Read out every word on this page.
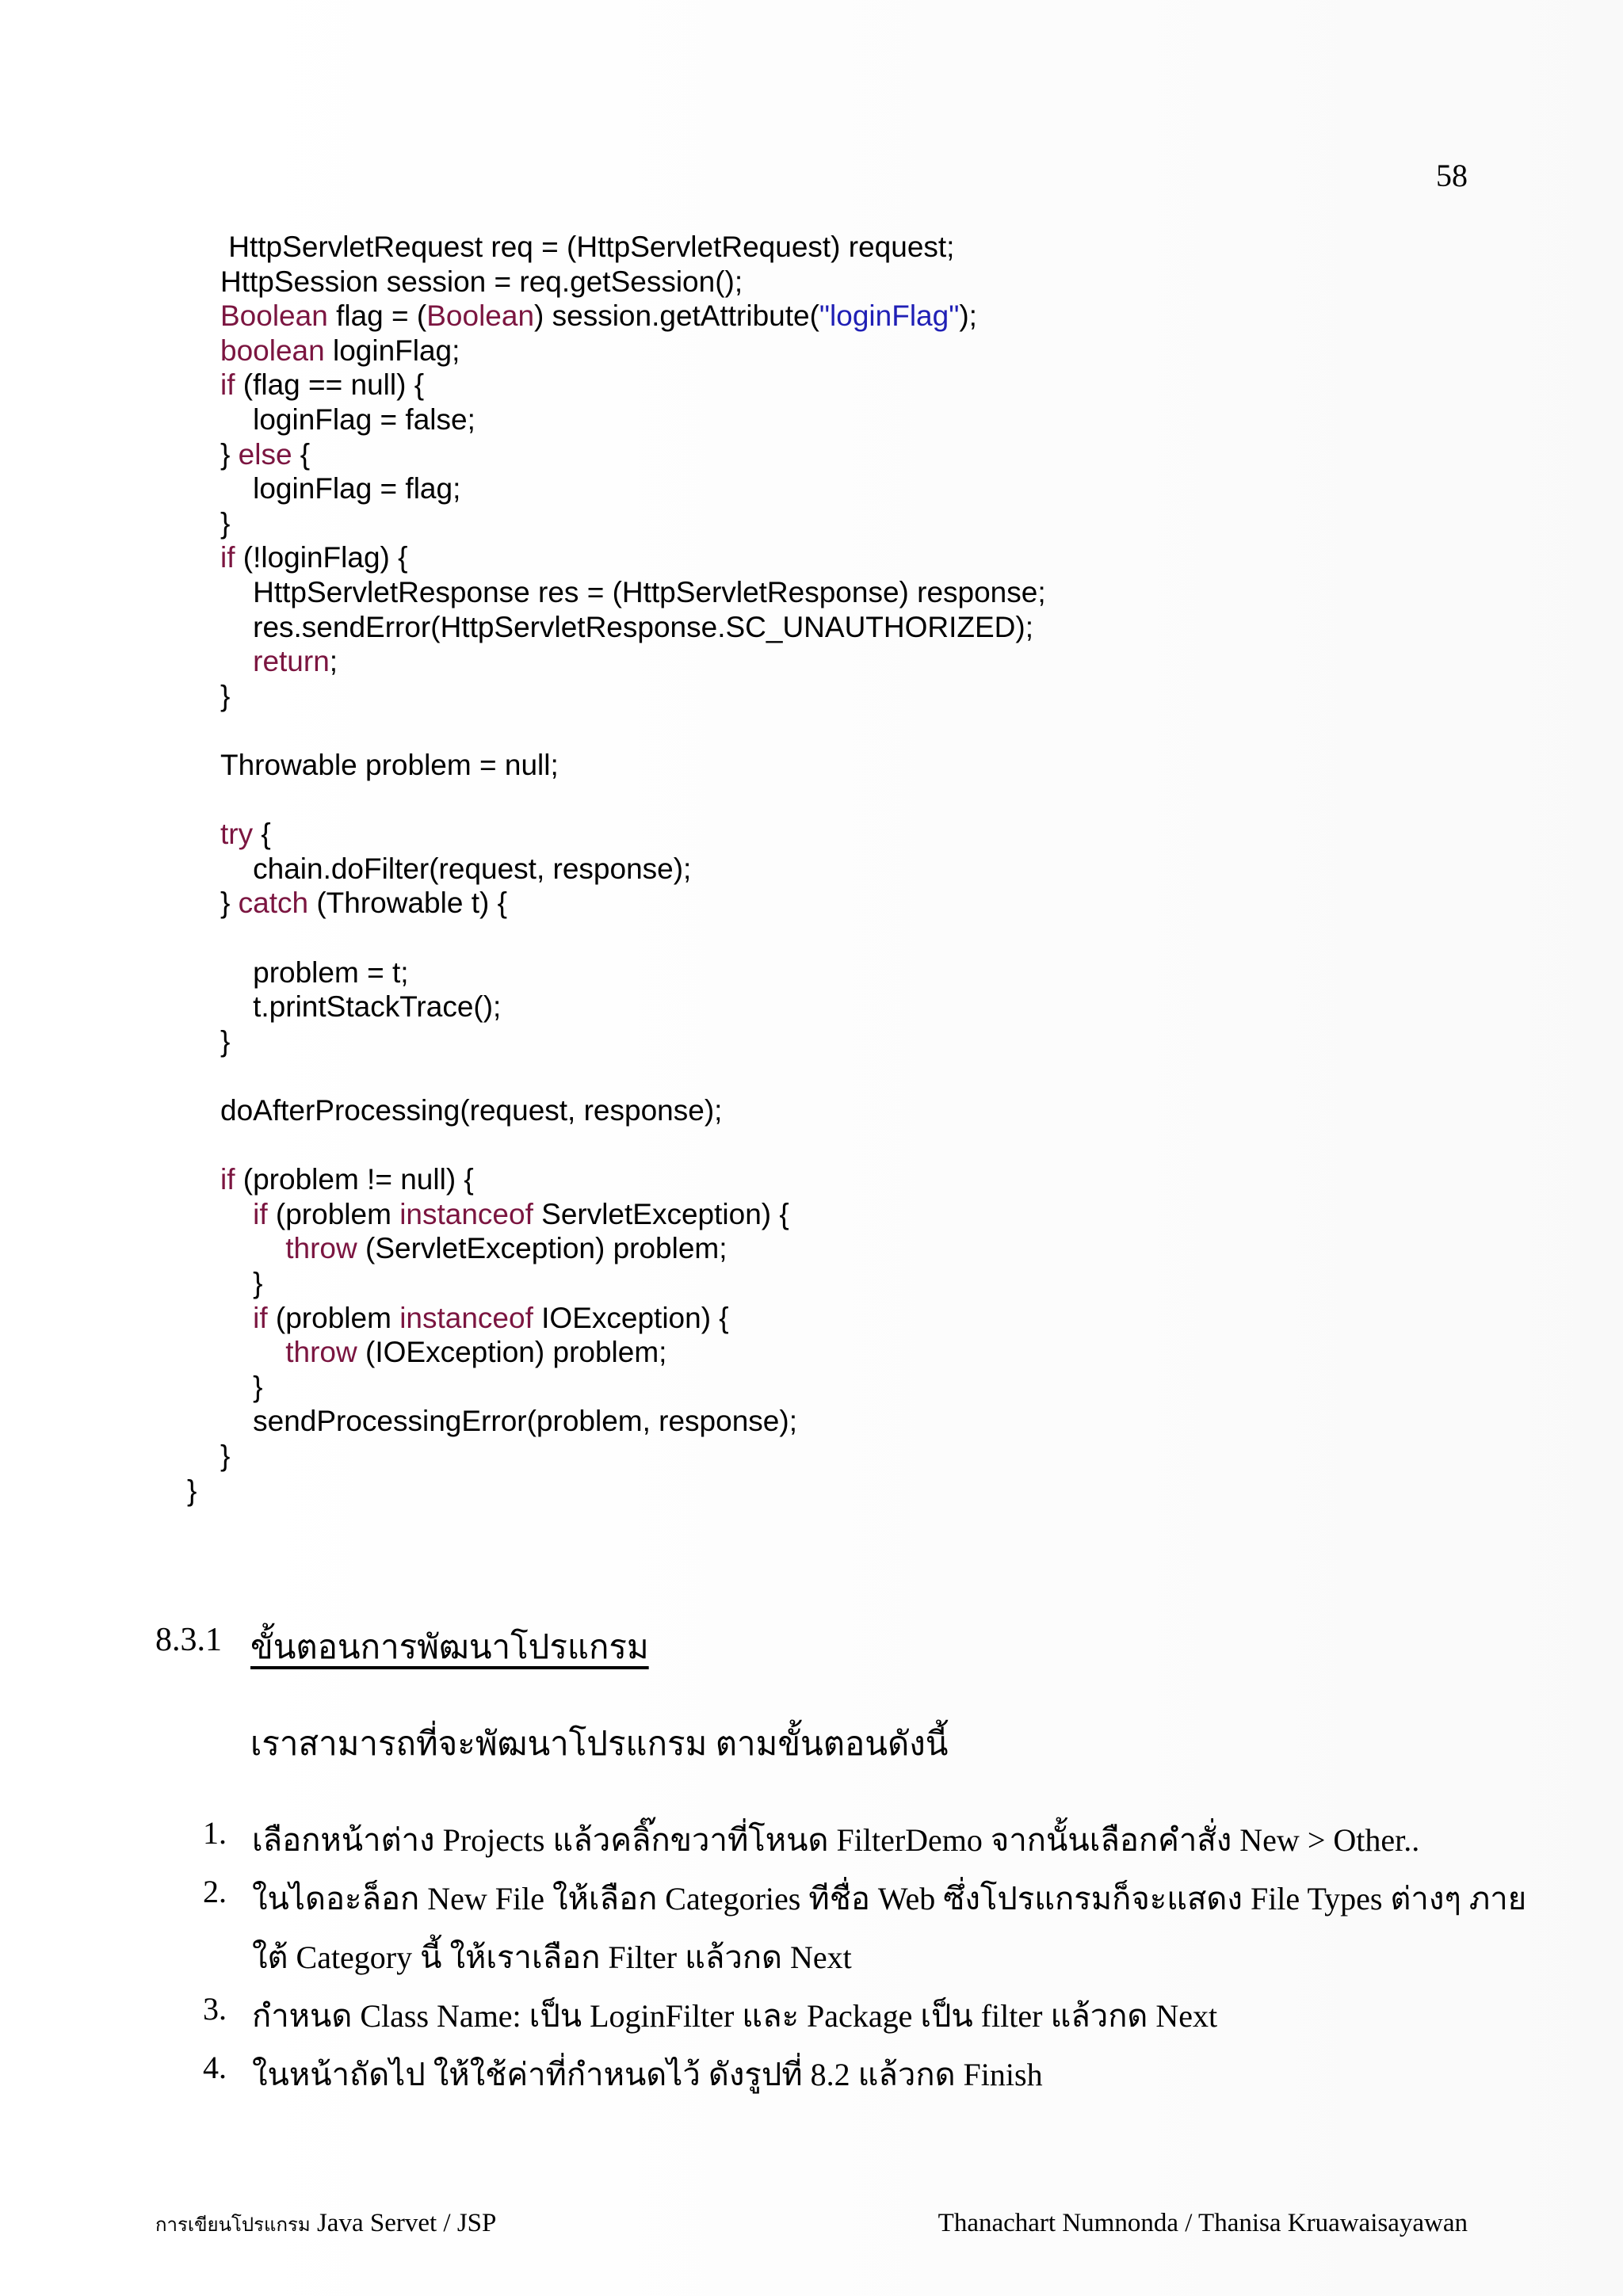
58
HttpServletRequest req = (HttpServletRequest) request;
HttpSession session = req.getSession();
Boolean flag = (Boolean) session.getAttribute("loginFlag");
boolean loginFlag;
if (flag == null) {
loginFlag = false;
} else {
loginFlag = flag;
}
if (!loginFlag) {
HttpServletResponse res = (HttpServletResponse) response;
res.sendError(HttpServletResponse.SC_UNAUTHORIZED);
return;
}
Throwable problem = null;
try {
chain.doFilter(request, response);
} catch (Throwable t) {
problem = t;
t.printStackTrace();
}
doAfterProcessing(request, response);
if (problem != null) {
if (problem instanceof ServletException) {
throw (ServletException) problem;
}
if (problem instanceof IOException) {
throw (IOException) problem;
}
sendProcessingError(problem, response);
}
}
8.3.1 ขั้นตอนการพัฒนาโปรแกรม
เราสามารถที่จะพัฒนาโปรแกรม ตามขั้นตอนดังนี้
1. เลือกหน้าต่าง Projects แล้วคลิ๊กขวาที่โหนด FilterDemo จากนั้นเลือกคำสั่ง New > Other..
2. ในไดอะล็อก New File ให้เลือก Categories ทีชื่อ Web ซึ่งโปรแกรมก็จะแสดง File Types ต่างๆ ภาย
ใต้ Category นี้ ให้เราเลือก Filter แล้วกด Next
3. กำหนด Class Name: เป็น LoginFilter และ Package เป็น filter แล้วกด Next
4. ในหน้าถัดไป ให้ใช้ค่าที่กำหนดไว้ ดังรูปที่ 8.2 แล้วกด Finish
การเขียนโปรแกรม Java Servet / JSP	Thanachart Numnonda / Thanisa Kruawaisayawan
